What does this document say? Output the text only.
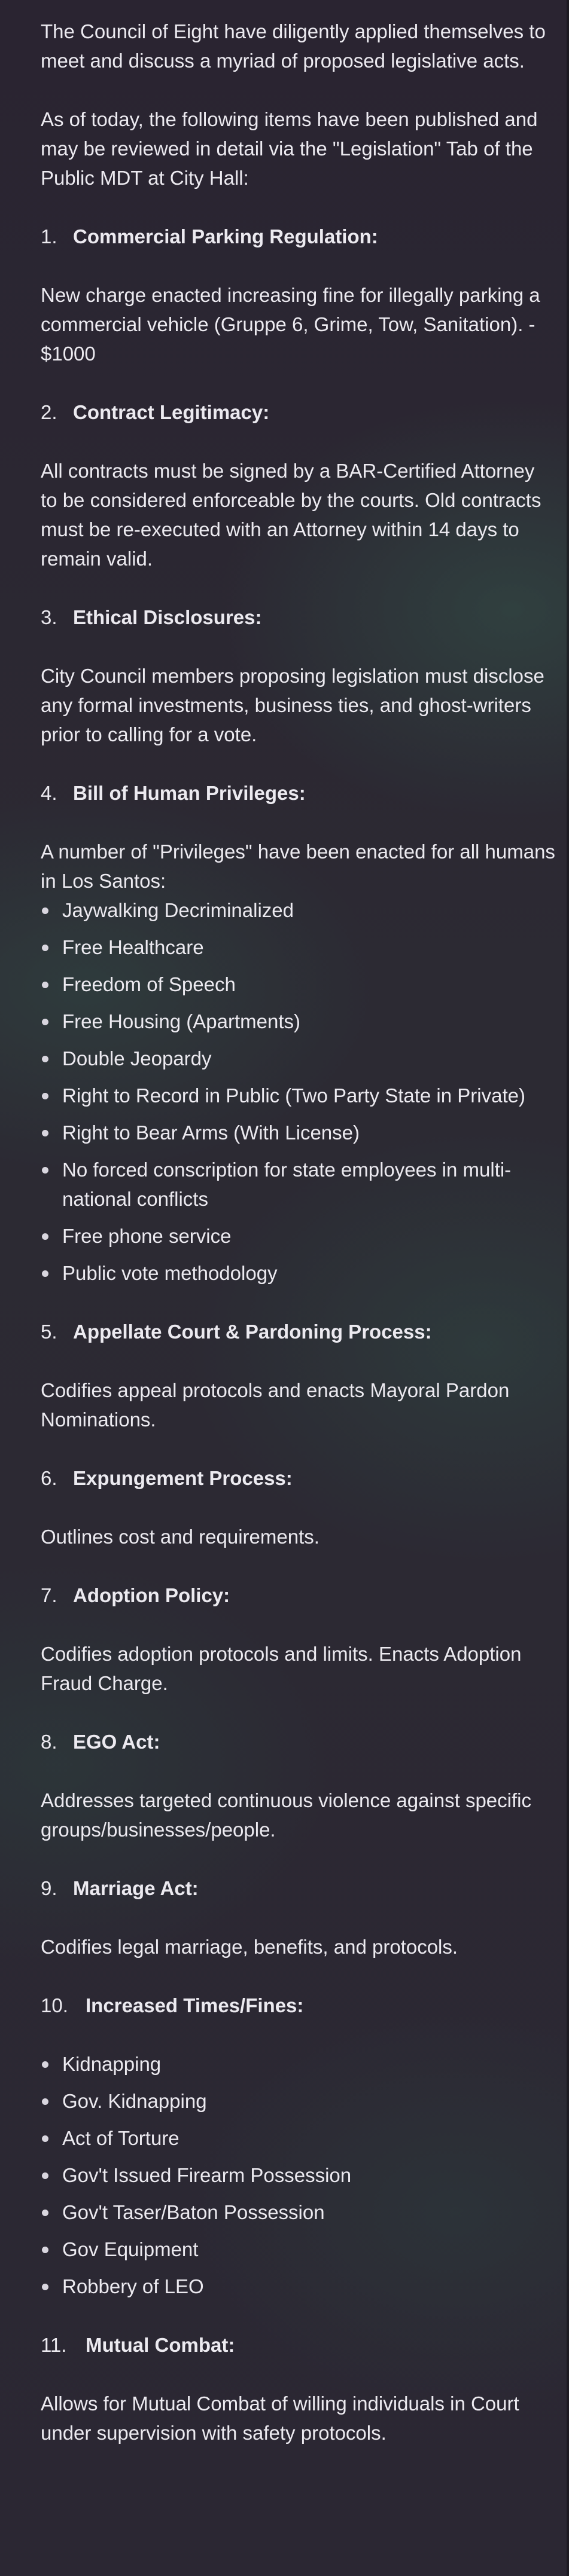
The Council of Eight have diligently applied themselves to meet and discuss a myriad of proposed legislative acts.

As of today, the following items have been published and may be reviewed in detail via the "Legislation" Tab of the Public MDT at City Hall:

1. Commercial Parking Regulation:

New charge enacted increasing fine for illegally parking a commercial vehicle (Gruppe 6, Grime, Tow, Sanitation). - $1000

2. Contract Legitimacy:

All contracts must be signed by a BAR-Certified Attorney to be considered enforceable by the courts. Old contracts must be re-executed with an Attorney within 14 days to remain valid.

3. Ethical Disclosures:

City Council members proposing legislation must disclose any formal investments, business ties, and ghost-writers prior to calling for a vote.

4. Bill of Human Privileges:

A number of "Privileges" have been enacted for all humans in Los Santos:

Jaywalking Decriminalized
Free Healthcare
Freedom of Speech
Free Housing (Apartments)
Double Jeopardy
Right to Record in Public (Two Party State in Private)
Right to Bear Arms (With License)
No forced conscription for state employees in multi-national conflicts
Free phone service
Public vote methodology
5. Appellate Court & Pardoning Process:

Codifies appeal protocols and enacts Mayoral Pardon Nominations.

6. Expungement Process:

Outlines cost and requirements.

7. Adoption Policy:

Codifies adoption protocols and limits. Enacts Adoption Fraud Charge.

8. EGO Act:

Addresses targeted continuous violence against specific groups/businesses/people.

9. Marriage Act:

Codifies legal marriage, benefits, and protocols.

10. Increased Times/Fines:
Kidnapping
Gov. Kidnapping
Act of Torture
Gov't Issued Firearm Possession
Gov't Taser/Baton Possession
Gov Equipment
Robbery of LEO
11. Mutual Combat:

Allows for Mutual Combat of willing individuals in Court under supervision with safety protocols.
